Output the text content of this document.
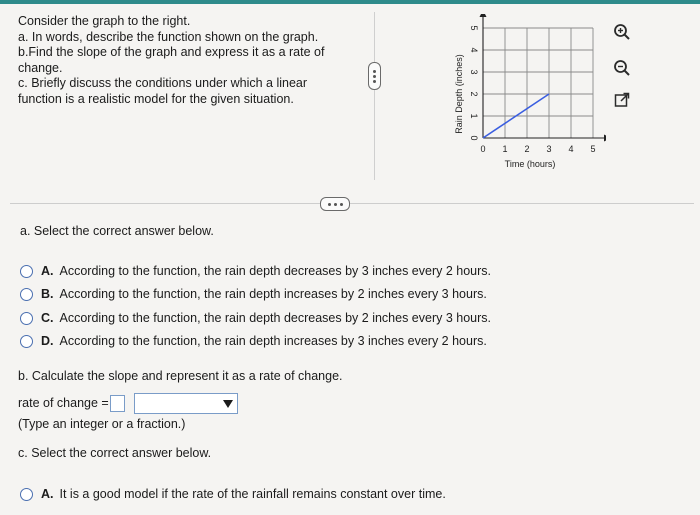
Consider the graph to the right.
a. In words, describe the function shown on the graph.
b.Find the slope of the graph and express it as a rate of change.
c. Briefly discuss the conditions under which a linear function is a realistic model for the given situation.
0 1 2 3 4 5
0
1
2
3
4
5
Rain Depth (inches)
Time (hours)
a. Select the correct answer below.
A. According to the function, the rain depth decreases by 3 inches every 2 hours.
B. According to the function, the rain depth increases by 2 inches every 3 hours.
C. According to the function, the rain depth decreases by 2 inches every 3 hours.
D. According to the function, the rain depth increases by 3 inches every 2 hours.
b. Calculate the slope and represent it as a rate of change.
rate of change =
(Type an integer or a fraction.)
c. Select the correct answer below.
A. It is a good model if the rate of the rainfall remains constant over time.
